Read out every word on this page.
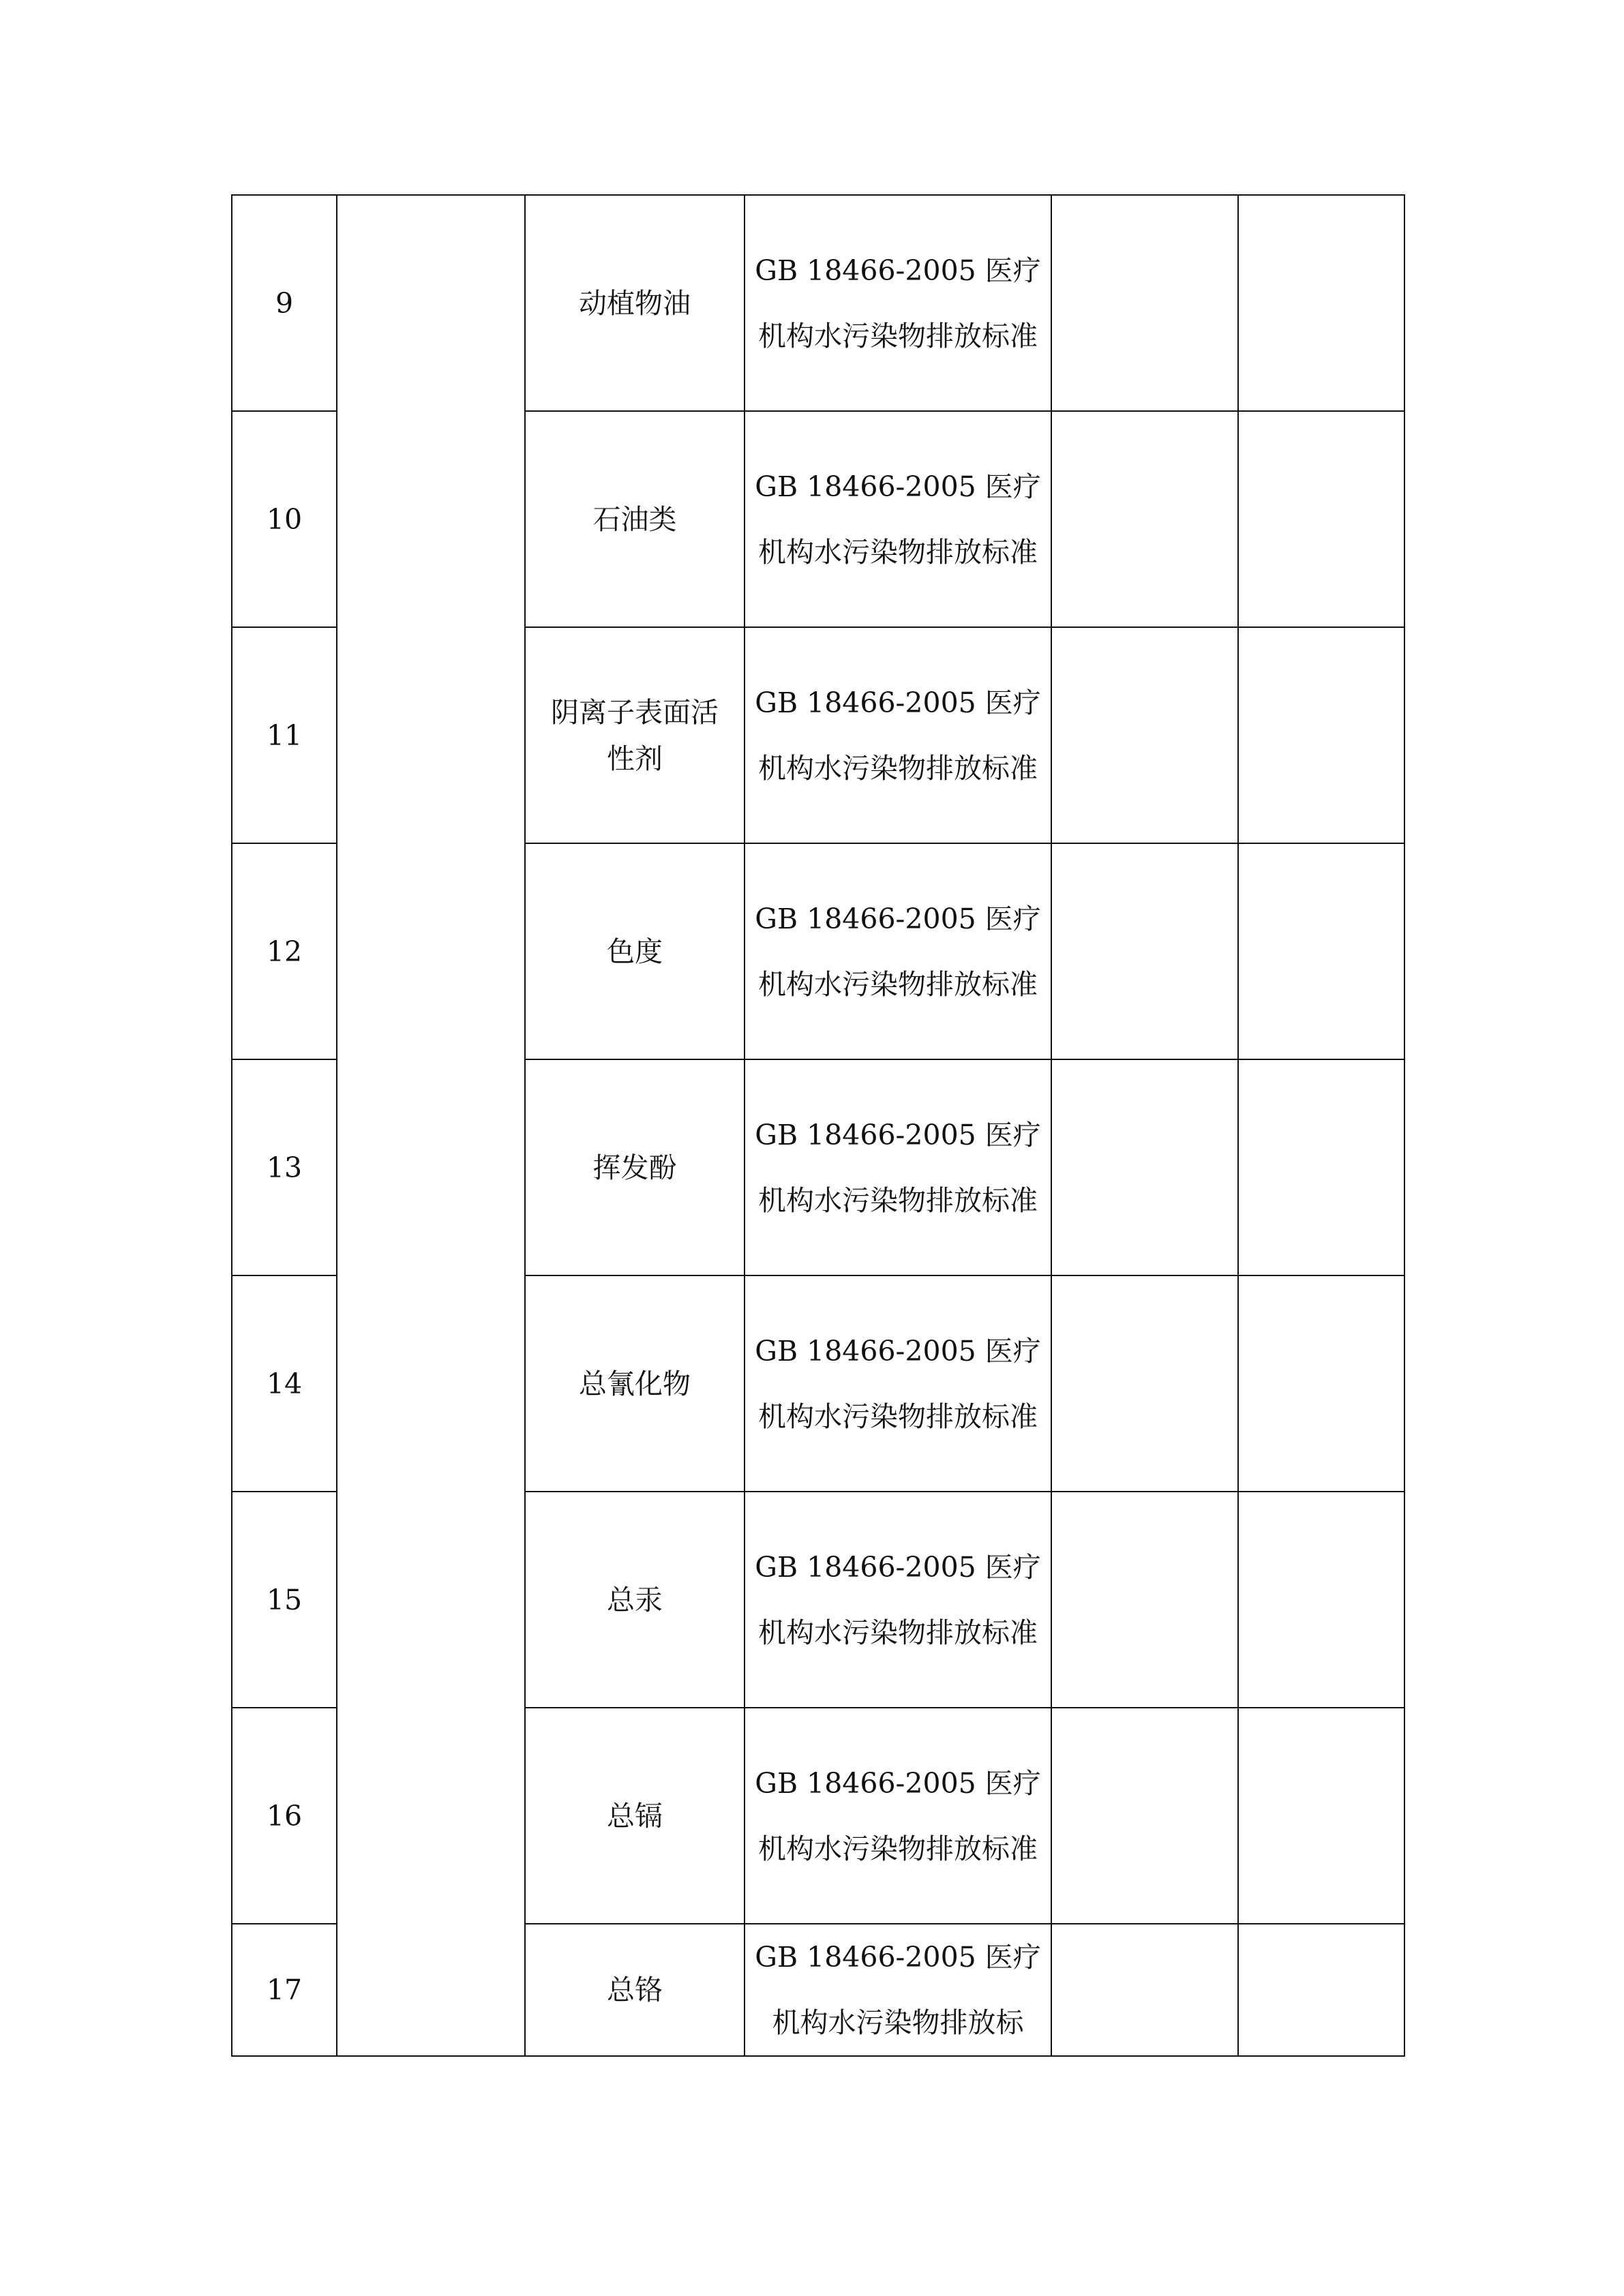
9		动植物油	GB 18466-2005 医疗机构水污染物排放标准		

10		石油类	GB 18466-2005 医疗机构水污染物排放标准		

11		阴离子表面活性剂	GB 18466-2005 医疗机构水污染物排放标准		

12		色度	GB 18466-2005 医疗机构水污染物排放标准		

13		挥发酚	GB 18466-2005 医疗机构水污染物排放标准		

14		总氰化物	GB 18466-2005 医疗机构水污染物排放标准		

15		总汞	GB 18466-2005 医疗机构水污染物排放标准		

16		总镉	GB 18466-2005 医疗机构水污染物排放标准		

17		总铬	GB 18466-2005 医疗机构水污染物排放标		
